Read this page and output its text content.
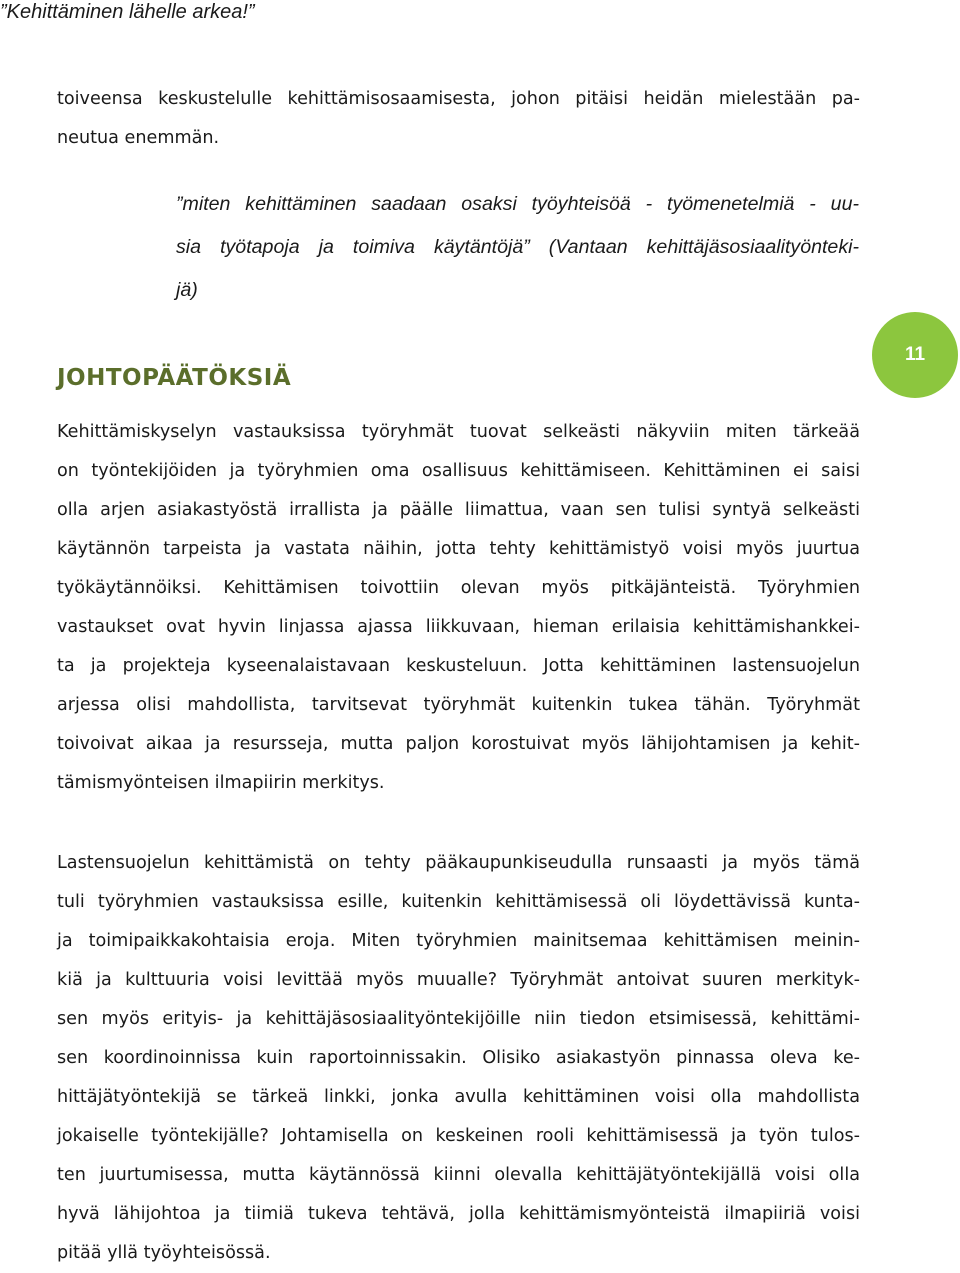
”Kehittäminen lähelle arkea!”
11
toiveensa keskustelulle kehittämisosaamisesta, johon pitäisi heidän mielestään pa-
neutua enemmän.
”miten kehittäminen saadaan osaksi työyhteisöä - työmenetelmiä - uu-
sia työtapoja ja toimiva käytäntöjä” (Vantaan kehittäjäsosiaalityönteki-
jä)
JOHTOPÄÄTÖKSIÄ
Kehittämiskyselyn vastauksissa työryhmät tuovat selkeästi näkyviin miten tärkeää
on työntekijöiden ja työryhmien oma osallisuus kehittämiseen. Kehittäminen ei saisi
olla arjen asiakastyöstä irrallista ja päälle liimattua, vaan sen tulisi syntyä selkeästi
käytännön tarpeista ja vastata näihin, jotta tehty kehittämistyö voisi myös juurtua
työkäytännöiksi. Kehittämisen toivottiin olevan myös pitkäjänteistä. Työryhmien
vastaukset ovat hyvin linjassa ajassa liikkuvaan, hieman erilaisia kehittämishankkei-
ta ja projekteja kyseenalaistavaan keskusteluun. Jotta kehittäminen lastensuojelun
arjessa olisi mahdollista, tarvitsevat työryhmät kuitenkin tukea tähän. Työryhmät
toivoivat aikaa ja resursseja, mutta paljon korostuivat myös lähijohtamisen ja kehit-
tämismyönteisen ilmapiirin merkitys.
Lastensuojelun kehittämistä on tehty pääkaupunkiseudulla runsaasti ja myös tämä
tuli työryhmien vastauksissa esille, kuitenkin kehittämisessä oli löydettävissä kunta-
ja toimipaikkakohtaisia eroja. Miten työryhmien mainitsemaa kehittämisen meinin-
kiä ja kulttuuria voisi levittää myös muualle? Työryhmät antoivat suuren merkityk-
sen myös erityis- ja kehittäjäsosiaalityöntekijöille niin tiedon etsimisessä, kehittämi-
sen koordinoinnissa kuin raportoinnissakin. Olisiko asiakastyön pinnassa oleva ke-
hittäjätyöntekijä se tärkeä linkki, jonka avulla kehittäminen voisi olla mahdollista
jokaiselle työntekijälle? Johtamisella on keskeinen rooli kehittämisessä ja työn tulos-
ten juurtumisessa, mutta käytännössä kiinni olevalla kehittäjätyöntekijällä voisi olla
hyvä lähijohtoa ja tiimiä tukeva tehtävä, jolla kehittämismyönteistä ilmapiiriä voisi
pitää yllä työyhteisössä.
